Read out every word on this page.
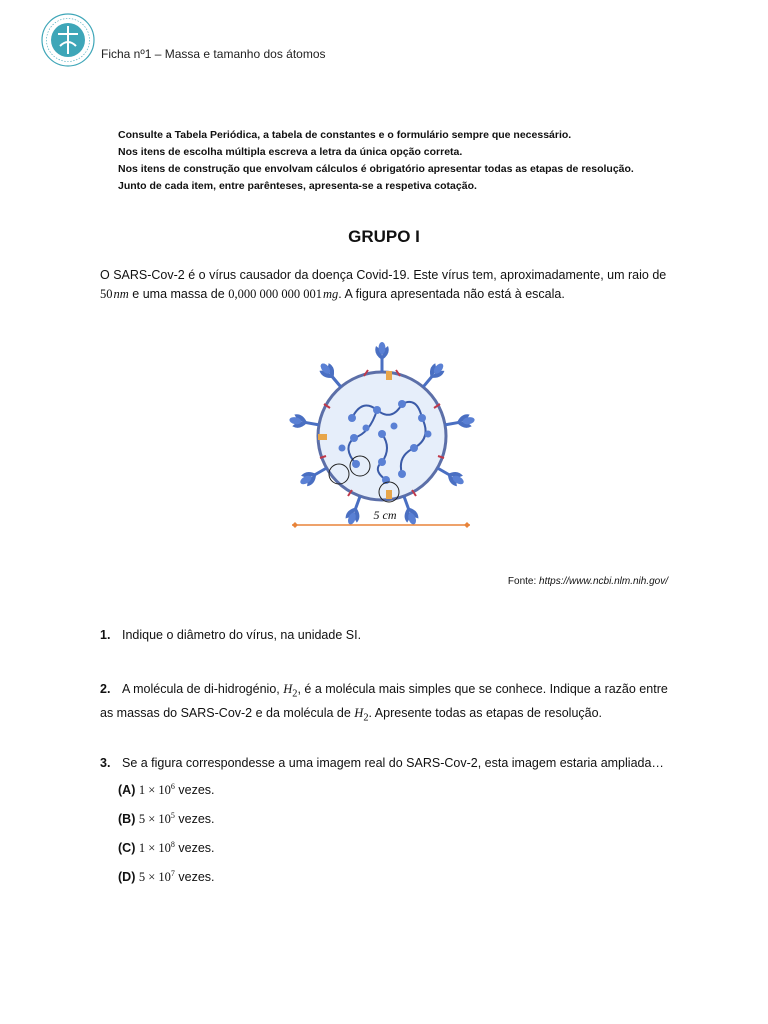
Ficha nº1 – Massa e tamanho dos átomos
Consulte a Tabela Periódica, a tabela de constantes e o formulário sempre que necessário.
Nos itens de escolha múltipla escreva a letra da única opção correta.
Nos itens de construção que envolvam cálculos é obrigatório apresentar todas as etapas de resolução.
Junto de cada item, entre parênteses, apresenta-se a respetiva cotação.
GRUPO I
O SARS-Cov-2 é o vírus causador da doença Covid-19. Este vírus tem, aproximadamente, um raio de
50 nm e uma massa de 0,000 000 000 001 mg. A figura apresentada não está à escala.
5 cm
Fonte: https://www.ncbi.nlm.nih.gov/
1. Indique o diâmetro do vírus, na unidade SI.
2. A molécula de di-hidrogénio, $H_2$, é a molécula mais simples que se conhece. Indique a razão entre as massas do SARS-Cov-2 e da molécula de $H_2$. Apresente todas as etapas de resolução.
3. Se a figura correspondesse a uma imagem real do SARS-Cov-2, esta imagem estaria ampliada…
(A) $1 \times 10^6$ vezes.
(B) $5 \times 10^5$ vezes.
(C) $1 \times 10^8$ vezes.
(D) $5 \times 10^7$ vezes.
